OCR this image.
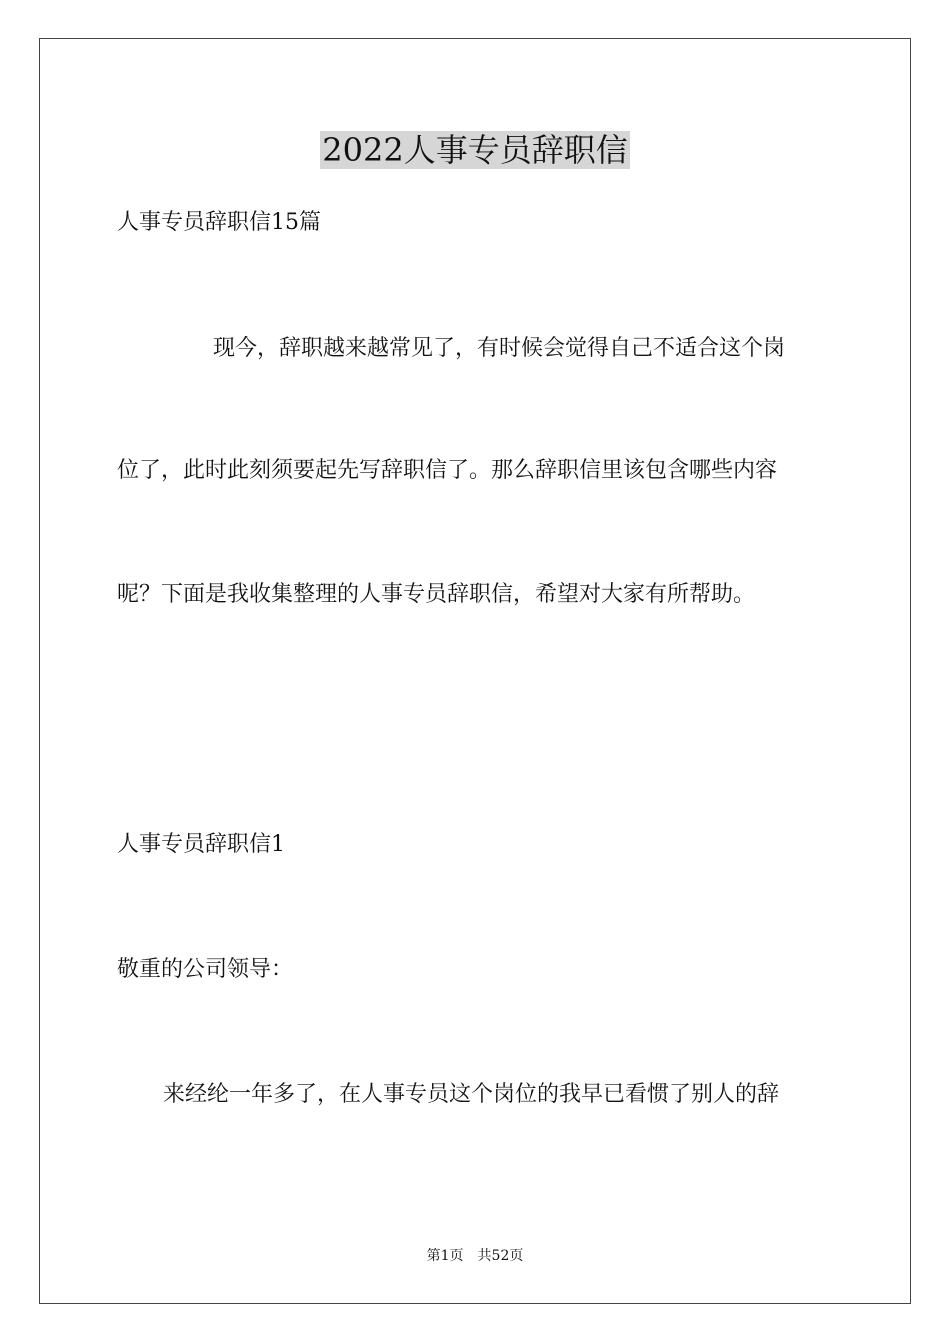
2022人事专员辞职信

人事专员辞职信15篇

现今，辞职越来越常见了，有时候会觉得自己不适合这个岗

位了，此时此刻须要起先写辞职信了。那么辞职信里该包含哪些内容

呢？下面是我收集整理的人事专员辞职信，希望对大家有所帮助。

人事专员辞职信1

敬重的公司领导：

来经纶一年多了，在人事专员这个岗位的我早已看惯了别人的辞

第1页 共52页
